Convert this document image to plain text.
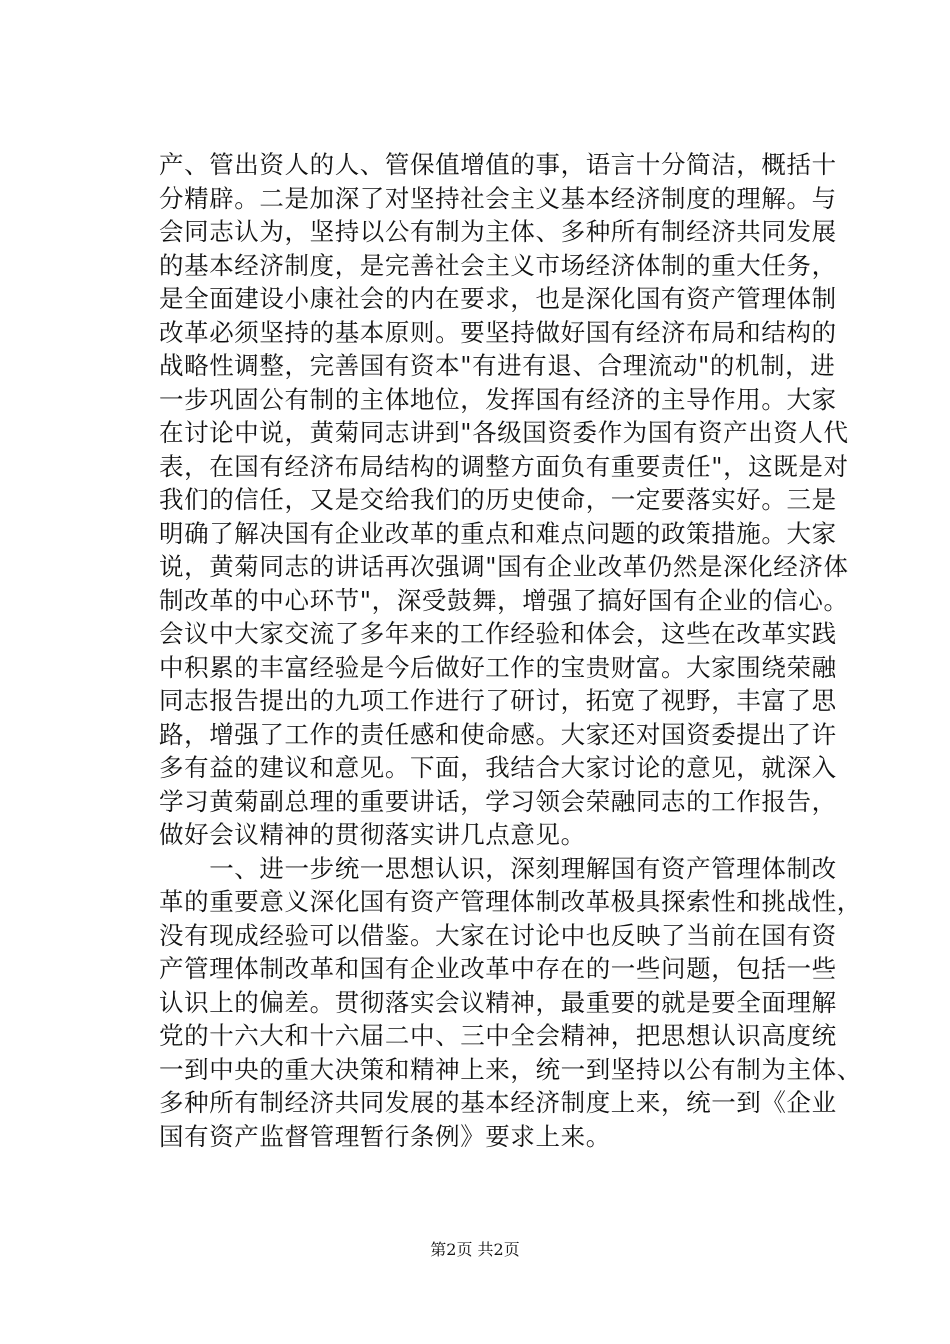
产、管出资人的人、管保值增值的事，语言十分简洁，概括十
分精辟。二是加深了对坚持社会主义基本经济制度的理解。与
会同志认为，坚持以公有制为主体、多种所有制经济共同发展
的基本经济制度，是完善社会主义市场经济体制的重大任务，
是全面建设小康社会的内在要求，也是深化国有资产管理体制
改革必须坚持的基本原则。要坚持做好国有经济布局和结构的
战略性调整，完善国有资本"有进有退、合理流动"的机制，进
一步巩固公有制的主体地位，发挥国有经济的主导作用。大家
在讨论中说，黄菊同志讲到"各级国资委作为国有资产出资人代
表，在国有经济布局结构的调整方面负有重要责任"，这既是对
我们的信任，又是交给我们的历史使命，一定要落实好。三是
明确了解决国有企业改革的重点和难点问题的政策措施。大家
说，黄菊同志的讲话再次强调"国有企业改革仍然是深化经济体
制改革的中心环节"，深受鼓舞，增强了搞好国有企业的信心。
会议中大家交流了多年来的工作经验和体会，这些在改革实践
中积累的丰富经验是今后做好工作的宝贵财富。大家围绕荣融
同志报告提出的九项工作进行了研讨，拓宽了视野，丰富了思
路，增强了工作的责任感和使命感。大家还对国资委提出了许
多有益的建议和意见。下面，我结合大家讨论的意见，就深入
学习黄菊副总理的重要讲话，学习领会荣融同志的工作报告，
做好会议精神的贯彻落实讲几点意见。
　　一、进一步统一思想认识，深刻理解国有资产管理体制改
革的重要意义深化国有资产管理体制改革极具探索性和挑战性，
没有现成经验可以借鉴。大家在讨论中也反映了当前在国有资
产管理体制改革和国有企业改革中存在的一些问题，包括一些
认识上的偏差。贯彻落实会议精神，最重要的就是要全面理解
党的十六大和十六届二中、三中全会精神，把思想认识高度统
一到中央的重大决策和精神上来，统一到坚持以公有制为主体、
多种所有制经济共同发展的基本经济制度上来，统一到《企业
国有资产监督管理暂行条例》要求上来。
第2页 共2页
